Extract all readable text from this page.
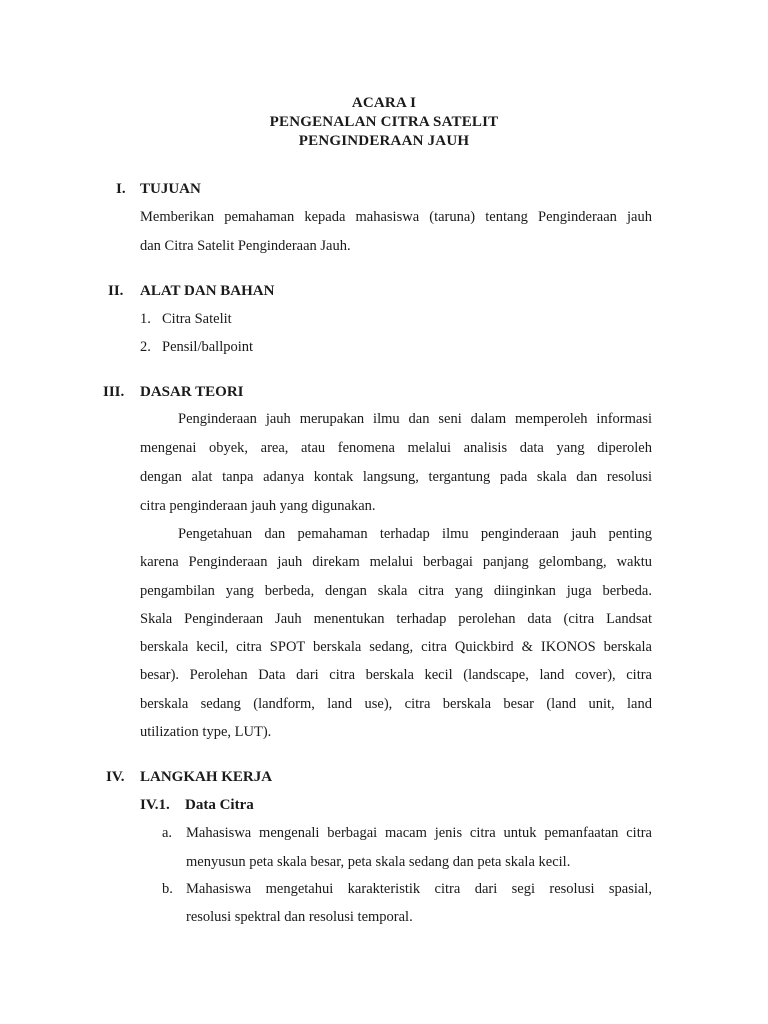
ACARA I
PENGENALAN CITRA SATELIT
PENGINDERAAN JAUH
I. TUJUAN
Memberikan pemahaman kepada mahasiswa (taruna) tentang Penginderaan jauh
dan Citra Satelit Penginderaan Jauh.
II. ALAT DAN BAHAN
1. Citra Satelit
2. Pensil/ballpoint
III. DASAR TEORI
Penginderaan jauh merupakan ilmu dan seni dalam memperoleh informasi
mengenai obyek, area, atau fenomena melalui analisis data yang diperoleh
dengan alat tanpa adanya kontak langsung, tergantung pada skala dan resolusi
citra penginderaan jauh yang digunakan.
Pengetahuan dan pemahaman terhadap ilmu penginderaan jauh penting
karena Penginderaan jauh direkam melalui berbagai panjang gelombang, waktu
pengambilan yang berbeda, dengan skala citra yang diinginkan juga berbeda.
Skala Penginderaan Jauh menentukan terhadap perolehan data (citra Landsat
berskala kecil, citra SPOT berskala sedang, citra Quickbird & IKONOS berskala
besar). Perolehan Data dari citra berskala kecil (landscape, land cover), citra
berskala sedang (landform, land use), citra berskala besar (land unit, land
utilization type, LUT).
IV. LANGKAH KERJA
IV.1. Data Citra
a. Mahasiswa mengenali berbagai macam jenis citra untuk pemanfaatan citra
menyusun peta skala besar, peta skala sedang dan peta skala kecil.
b. Mahasiswa mengetahui karakteristik citra dari segi resolusi spasial,
resolusi spektral dan resolusi temporal.
